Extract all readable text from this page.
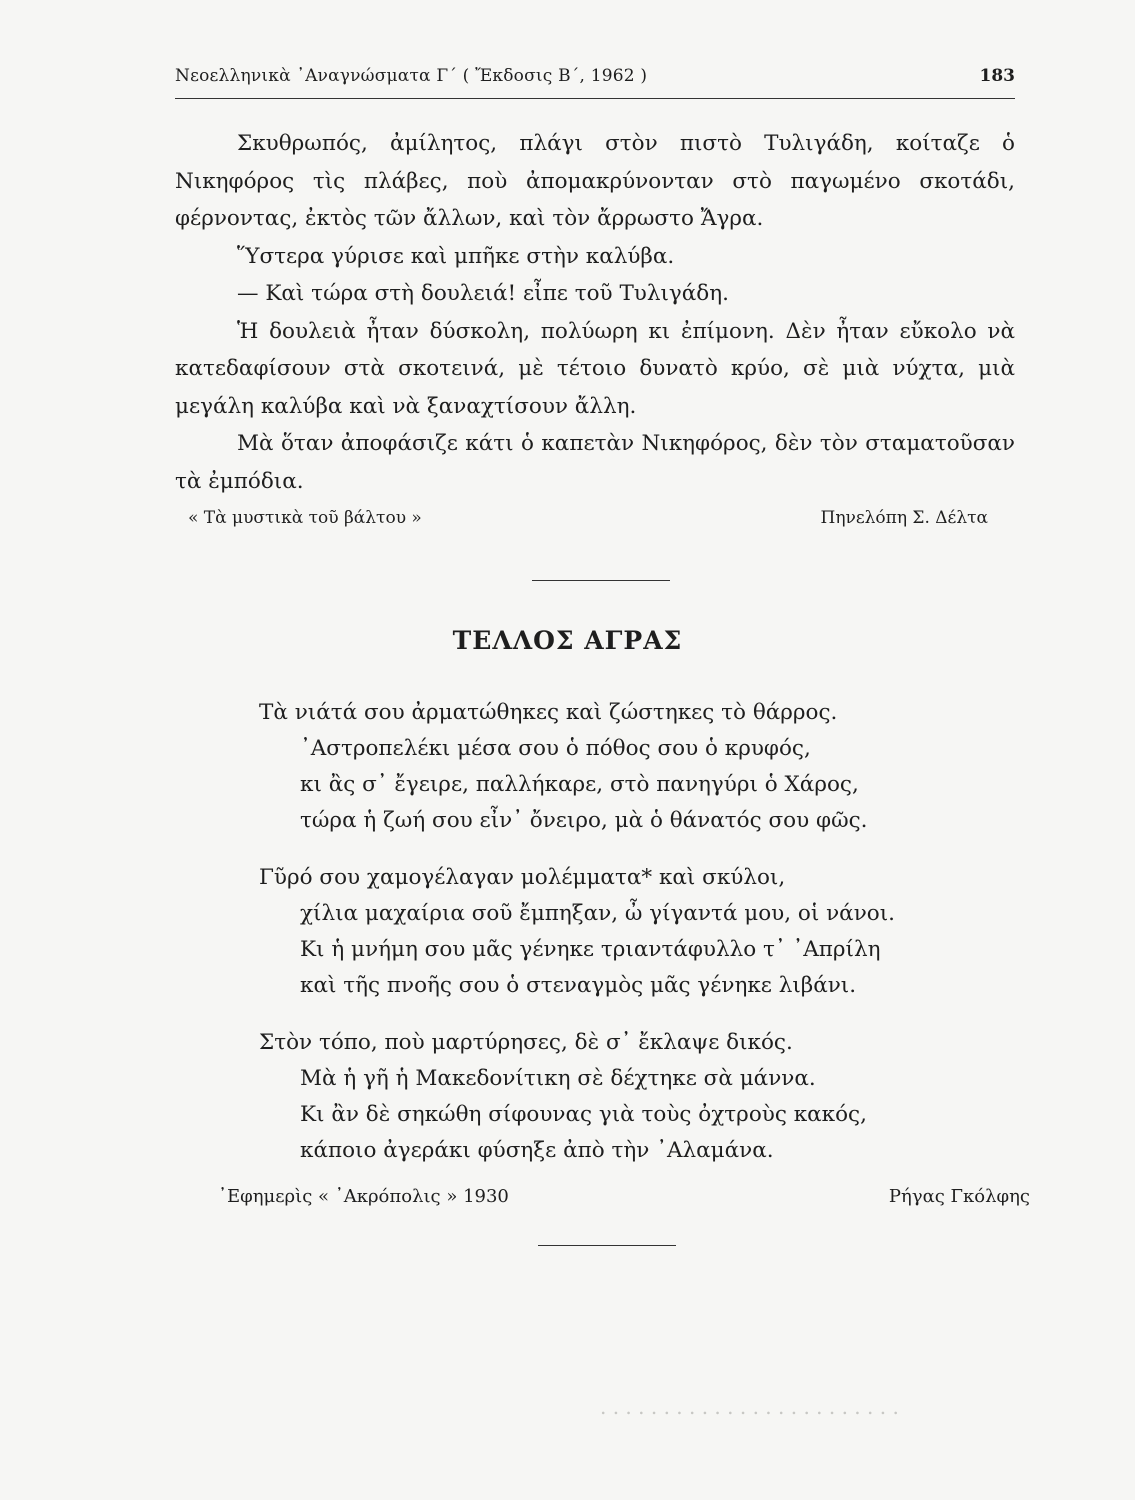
. . . . . . . . . . . . . . . . . . . . . . . .
Νεοελληνικὰ ᾿Αναγνώσματα Γ΄ ( Ἔκδοσις Β΄, 1962 )	183

Σκυθρωπός, ἀμίλητος, πλάγι στὸν πιστὸ Τυλιγάδη, κοίταζε ὁ Νικηφόρος τὶς πλάβες, ποὺ ἀπομακρύνονταν στὸ παγωμένο σκοτάδι, φέρνοντας, ἐκτὸς τῶν ἄλλων, καὶ τὸν ἄρρωστο Ἄγρα.

Ὕστερα γύρισε καὶ μπῆκε στὴν καλύβα.

— Καὶ τώρα στὴ δουλειά! εἶπε τοῦ Τυλιγάδη.

Ἡ δουλειὰ ἦταν δύσκολη, πολύωρη κι ἐπίμονη. Δὲν ἦταν εὔκολο νὰ κατεδαφίσουν στὰ σκοτεινά, μὲ τέτοιο δυνατὸ κρύο, σὲ μιὰ νύχτα, μιὰ μεγάλη καλύβα καὶ νὰ ξαναχτίσουν ἄλλη.

Μὰ ὅταν ἀποφάσιζε κάτι ὁ καπετὰν Νικηφόρος, δὲν τὸν σταματοῦσαν τὰ ἐμπόδια.

« Τὰ μυστικὰ τοῦ βάλτου »	Πηνελόπη Σ. Δέλτα
ΤΕΛΛΟΣ ΑΓΡΑΣ
Τὰ νιάτά σου ἀρματώθηκες καὶ ζώστηκες τὸ θάρρος.
᾿Αστροπελέκι μέσα σου ὁ πόθος σου ὁ κρυφός,
κι ἂς σ᾿ ἔγειρε, παλλήκαρε, στὸ πανηγύρι ὁ Χάρος,
τώρα ἡ ζωή σου εἶν᾿ ὄνειρο, μὰ ὁ θάνατός σου φῶς.
Γῦρό σου χαμογέλαγαν μολέμματα* καὶ σκύλοι,
χίλια μαχαίρια σοῦ ἔμπηξαν, ὦ γίγαντά μου, οἱ νάνοι.
Κι ἡ μνήμη σου μᾶς γένηκε τριαντάφυλλο τ᾿ ᾿Απρίλη
καὶ τῆς πνοῆς σου ὁ στεναγμὸς μᾶς γένηκε λιβάνι.
Στὸν τόπο, ποὺ μαρτύρησες, δὲ σ᾿ ἔκλαψε δικός.
Μὰ ἡ γῆ ἡ Μακεδονίτικη σὲ δέχτηκε σὰ μάννα.
Κι ἂν δὲ σηκώθη σίφουνας γιὰ τοὺς ὀχτροὺς κακός,
κάποιο ἀγεράκι φύσηξε ἀπὸ τὴν ᾿Αλαμάνα.
᾿Εφημερὶς « ᾿Ακρόπολις » 1930	Ρήγας Γκόλφης
